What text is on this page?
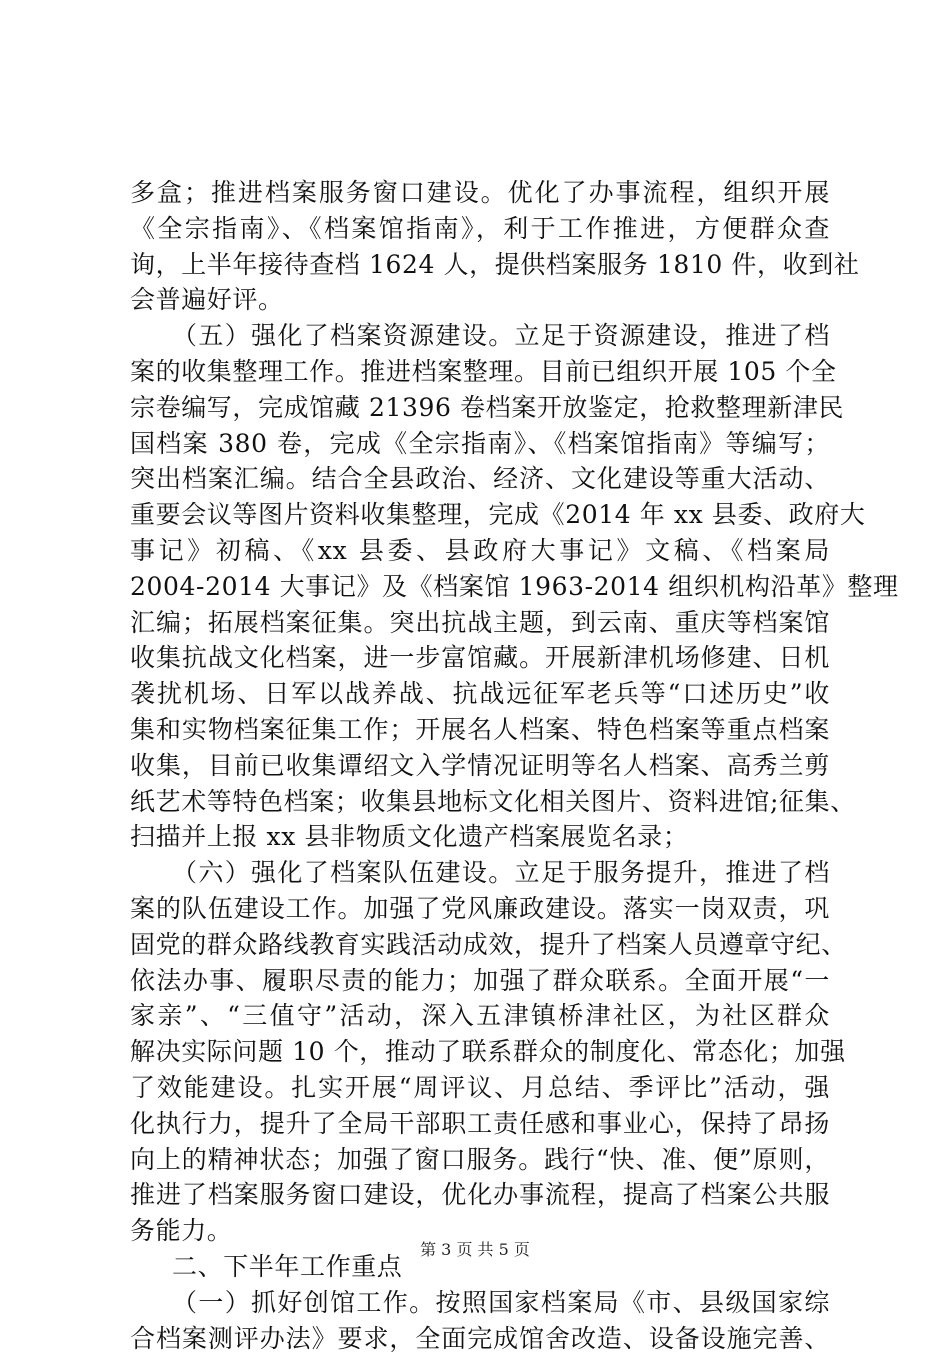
多盒；推进档案服务窗口建设。优化了办事流程，组织开展
《全宗指南》、《档案馆指南》，利于工作推进，方便群众查
询，上半年接待查档 1624 人，提供档案服务 1810 件，收到社
会普遍好评。
（五）强化了档案资源建设。立足于资源建设，推进了档
案的收集整理工作。推进档案整理。目前已组织开展 105 个全
宗卷编写，完成馆藏 21396 卷档案开放鉴定，抢救整理新津民
国档案 380 卷，完成《全宗指南》、《档案馆指南》等编写；
突出档案汇编。结合全县政治、经济、文化建设等重大活动、
重要会议等图片资料收集整理，完成《2014 年 xx 县委、政府大
事记》初稿、《xx 县委、县政府大事记》文稿、《档案局
2004-2014 大事记》及《档案馆 1963-2014 组织机构沿革》整理
汇编；拓展档案征集。突出抗战主题，到云南、重庆等档案馆
收集抗战文化档案，进一步富馆藏。开展新津机场修建、日机
袭扰机场、日军以战养战、抗战远征军老兵等“口述历史”收
集和实物档案征集工作；开展名人档案、特色档案等重点档案
收集，目前已收集谭绍文入学情况证明等名人档案、高秀兰剪
纸艺术等特色档案；收集县地标文化相关图片、资料进馆;征集、
扫描并上报 xx 县非物质文化遗产档案展览名录；
（六）强化了档案队伍建设。立足于服务提升，推进了档
案的队伍建设工作。加强了党风廉政建设。落实一岗双责，巩
固党的群众路线教育实践活动成效，提升了档案人员遵章守纪、
依法办事、履职尽责的能力；加强了群众联系。全面开展“一
家亲”、“三值守”活动，深入五津镇桥津社区，为社区群众
解决实际问题 10 个，推动了联系群众的制度化、常态化；加强
了效能建设。扎实开展“周评议、月总结、季评比”活动，强
化执行力，提升了全局干部职工责任感和事业心，保持了昂扬
向上的精神状态；加强了窗口服务。践行“快、准、便”原则，
推进了档案服务窗口建设，优化办事流程，提高了档案公共服
务能力。
二、下半年工作重点
（一）抓好创馆工作。按照国家档案局《市、县级国家综
合档案测评办法》要求，全面完成馆舍改造、设备设施完善、
第 3 页 共 5 页
